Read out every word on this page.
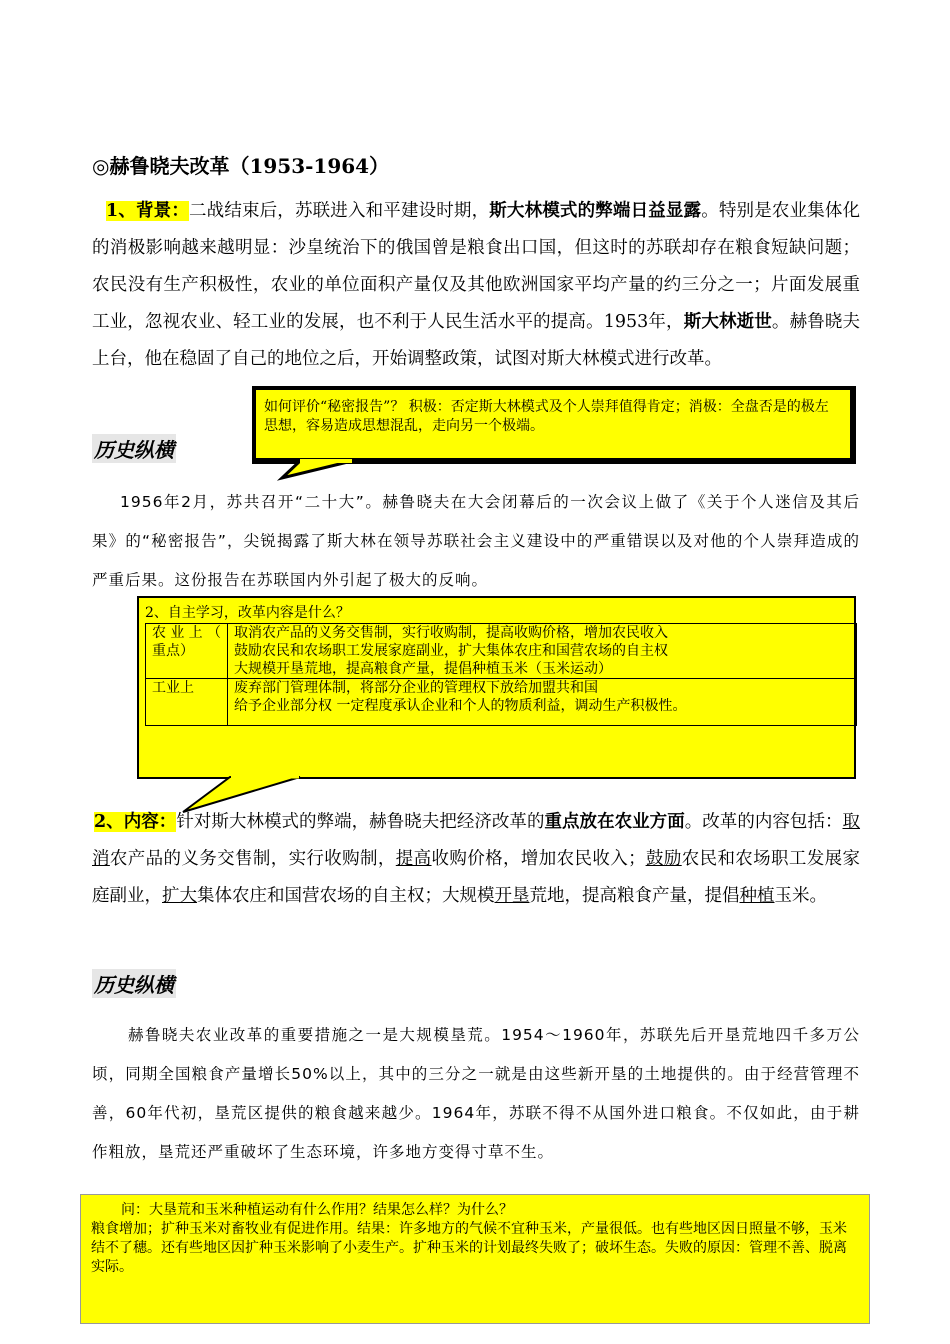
◎赫鲁晓夫改革（1953-1964）
1、背景：二战结束后，苏联进入和平建设时期，斯大林模式的弊端日益显露。特别是农业集体化的消极影响越来越明显：沙皇统治下的俄国曾是粮食出口国，但这时的苏联却存在粮食短缺问题；农民没有生产积极性，农业的单位面积产量仅及其他欧洲国家平均产量的约三分之一；片面发展重工业，忽视农业、轻工业的发展，也不利于人民生活水平的提高。1953年，斯大林逝世。赫鲁晓夫上台，他在稳固了自己的地位之后，开始调整政策，试图对斯大林模式进行改革。
如何评价“秘密报告”？ 积极：否定斯大林模式及个人崇拜值得肯定；消极：全盘否是的极左思想，容易造成思想混乱，走向另一个极端。
历史纵横
1956年2月，苏共召开“二十大”。赫鲁晓夫在大会闭幕后的一次会议上做了《关于个人迷信及其后果》的“秘密报告”，尖锐揭露了斯大林在领导苏联社会主义建设中的严重错误以及对他的个人崇拜造成的严重后果。这份报告在苏联国内外引起了极大的反响。
2、自主学习，改革内容是什么？
农业上（ 重点）	取消农产品的义务交售制，实行收购制，提高收购价格，增加农民收入
鼓励农民和农场职工发展家庭副业，扩大集体农庄和国营农场的自主权
大规模开垦荒地，提高粮食产量，提倡种植玉米（玉米运动）

工业上	废弃部门管理体制，将部分企业的管理权下放给加盟共和国
给予企业部分权 一定程度承认企业和个人的物质利益，调动生产积极性。
2、内容：针对斯大林模式的弊端，赫鲁晓夫把经济改革的重点放在农业方面。改革的内容包括：取消农产品的义务交售制，实行收购制，提高收购价格，增加农民收入；鼓励农民和农场职工发展家庭副业，扩大集体农庄和国营农场的自主权；大规模开垦荒地，提高粮食产量，提倡种植玉米。
历史纵横
赫鲁晓夫农业改革的重要措施之一是大规模垦荒。1954～1960年，苏联先后开垦荒地四千多万公顷，同期全国粮食产量增长50%以上，其中的三分之一就是由这些新开垦的土地提供的。由于经营管理不善，60年代初，垦荒区提供的粮食越来越少。1964年，苏联不得不从国外进口粮食。不仅如此，由于耕作粗放，垦荒还严重破坏了生态环境，许多地方变得寸草不生。
问：大垦荒和玉米种植运动有什么作用？结果怎么样？为什么？
粮食增加；扩种玉米对畜牧业有促进作用。结果：许多地方的气候不宜种玉米，产量很低。也有些地区因日照量不够，玉米结不了穗。还有些地区因扩种玉米影响了小麦生产。扩种玉米的计划最终失败了；破坏生态。失败的原因：管理不善、脱离实际。
